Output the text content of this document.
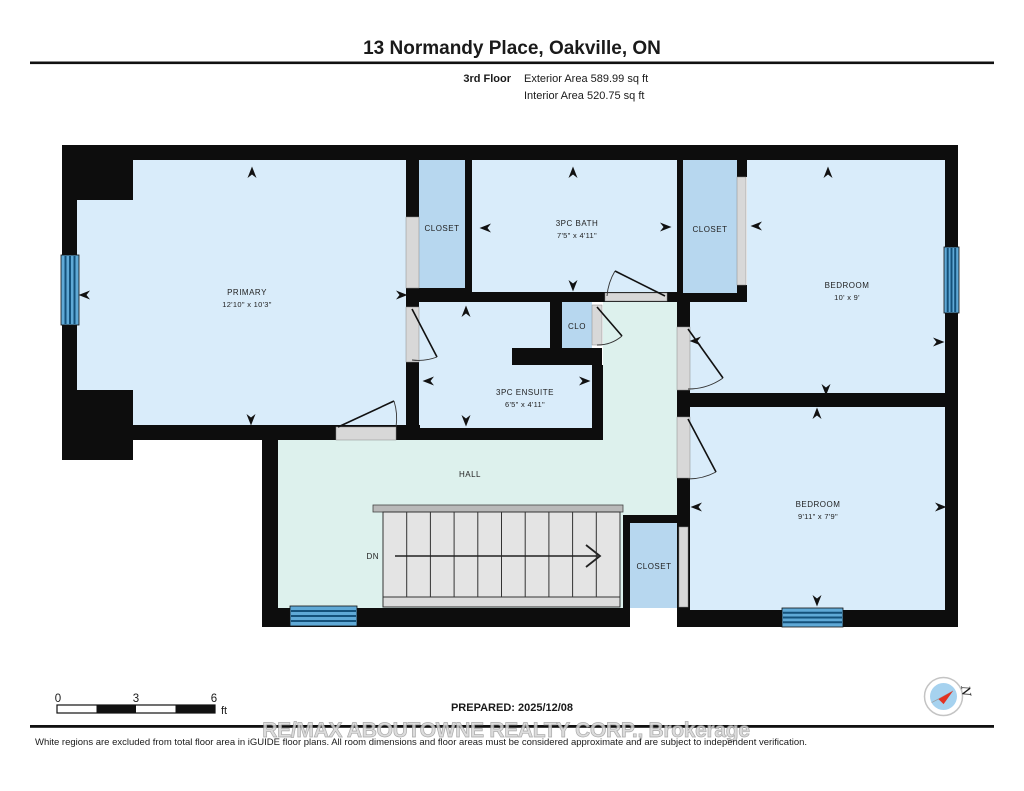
13 Normandy Place, Oakville, ON
3rd Floor Exterior Area 589.99 sq ft
Interior Area 520.75 sq ft
DN
PRIMARY
12'10" x 10'3"
CLOSET
3PC BATH
7'5" x 4'11"
CLOSET
BEDROOM
10' x 9'
CLO
3PC ENSUITE
6'5" x 4'11"
HALL
BEDROOM
9'11" x 7'9"
CLOSET
0	3	6
ft	PREPARED: 2025/12/08
N
RE/MAX ABOUTOWNE REALTY CORP., Brokerage
White regions are excluded from total floor area in iGUIDE floor plans. All room dimensions and floor areas must be considered approximate and are subject to independent verification.
